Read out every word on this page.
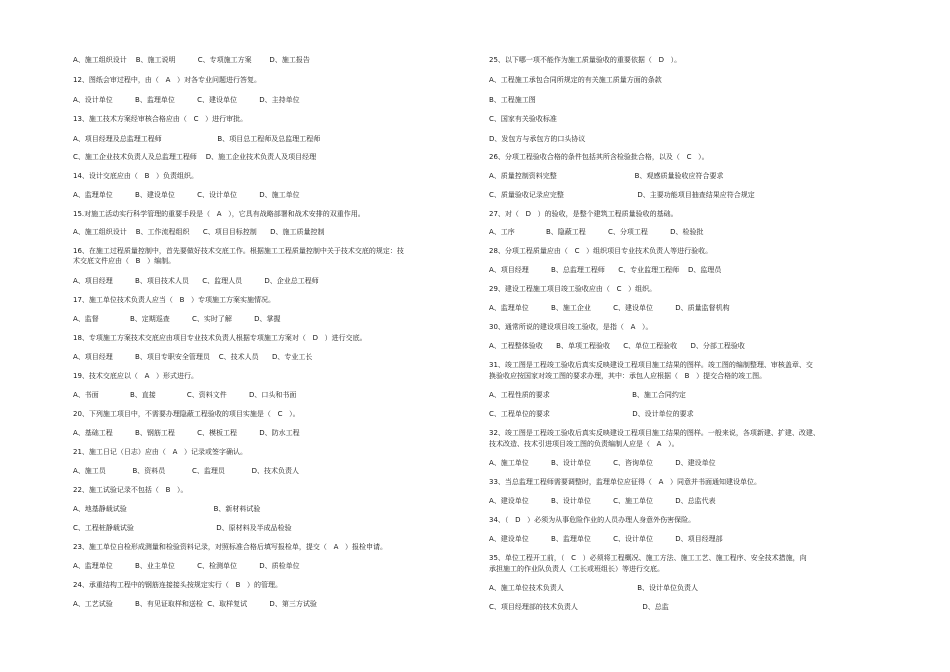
A、施工组织设计    B、施工说明          C、专项施工方案        D、施工报告
12、图纸会审过程中，由（   A   ）对各专业问题进行答复。
A、设计单位          B、监理单位          C、建设单位          D、主持单位
13、施工技术方案经审核合格应由（   C   ）进行审批。
A、项目经理及总监理工程师                         B、项目总工程师及总监理工程师
C、施工企业技术负责人及总监理工程师    D、施工企业技术负责人及项目经理
14、设计交底应由（   B   ）负责组织。
A、监理单位          B、建设单位          C、设计单位          D、施工单位
15.对施工活动实行科学管理的重要手段是（   A   ），它具有战略部署和战术安排的双重作用。
A、施工组织设计    B、工作流程组织      C、项目目标控制      D、施工质量控制
16、在施工过程质量控制中，首先要做好技术交底工作。根据施工工程质量控制中关于技术交底的规定：技
术交底文件应由（   B   ）编制。
A、项目经理          B、项目技术人员      C、监理人员          D、企业总工程师
17、施工单位技术负责人应当（   B   ）专项施工方案实施情况。
A、监督              B、定期巡查          C、实时了解          D、掌握
18、专项施工方案技术交底应由项目专业技术负责人根据专项施工方案对（   D   ）进行交底。
A、项目经理          B、项目专职安全管理员    C、技术人员      D、专业工长
19、技术交底应以（   A   ）形式进行。
A、书面              B、直接              C、资料文件          D、口头和书面
20、下列施工项目中，不需要办理隐蔽工程验收的项目实施是（   C   ）。
A、基础工程          B、钢筋工程          C、模板工程          D、防水工程
21、施工日记（日志）应由（   A   ）记录或签字确认。
A、施工员            B、资料员            C、监理员            D、技术负责人
22、施工试验记录不包括（   B   ）。
A、地基静载试验                                       B、新材料试验
C、工程桩静载试验                                     D、原材料及半成品检验
23、施工单位自检形成测量和检验资料记录，对照标准合格后填写报检单，提交（   A   ）报检申请。
A、监理单位          B、业主单位          C、检测单位          D、质检单位
24、承重结构工程中的钢筋连接接头按规定实行（   B   ）的管理。
A、工艺试验          B、有见证取样和送检  C、取样复试          D、第三方试验
25、以下哪一项不能作为施工质量验收的重要依据（   D   ）。
A、工程施工承包合同所规定的有关施工质量方面的条款
B、工程施工图
C、国家有关验收标准
D、发包方与承包方的口头协议
26、分项工程验收合格的条件包括其所含检验批合格，以及（   C   ）。
A、质量控制资料完整                                   B、观感质量验收应符合要求
C、质量验收记录应完整                                 D、主要功能项目抽查结果应符合规定
27、对（   D   ）的验收，是整个建筑工程质量验收的基础。
A、工序              B、隐蔽工程          C、分项工程          D、检验批
28、分项工程质量应由（   C   ）组织项目专业技术负责人等进行验收。
A、项目经理          B、总监理工程师      C、专业监理工程师    D、监理员
29、建设工程施工项目竣工验收应由（   C   ）组织。
A、监理单位          B、施工企业          C、建设单位          D、质量监督机构
30、通常所说的建设项目竣工验收，是指（   A   ）。
A、工程整体验收      B、单项工程验收      C、单位工程验收      D、分部工程验收
31、竣工图是工程竣工验收后真实反映建设工程项目施工结果的图样。竣工图的编制整理、审核盖章、交
换验收应按国家对竣工图的要求办理，其中：承包人应根据（   B   ）提交合格的竣工图。
A、工程性质的要求                                     B、施工合同约定
C、工程单位的要求                                     D、设计单位的要求
32、竣工图是工程竣工验收后真实反映建设工程项目施工结果的图样。一般来说，各项新建、扩建、改建、
技术改造、技术引进项目竣工图的负责编制人应是（   A   ）。
A、施工单位          B、设计单位          C、咨询单位          D、建设单位
33、当总监理工程师需要调整时，监理单位应征得（   A   ）同意并书面通知建设单位。
A、建设单位          B、设计单位          C、施工单位          D、总监代表
34、（   D   ）必须为从事危险作业的人员办理人身意外伤害保险。
A、建设单位          B、监理单位          C、设计单位          D、项目经理部
35、单位工程开工前，（   C   ）必须将工程概况、施工方法、施工工艺、施工程序、安全技术措施，向
承担施工的作业队负责人（工长或班组长）等进行交底。
A、施工单位技术负责人                                 B、设计单位负责人
C、项目经理部的技术负责人                             D、总监
